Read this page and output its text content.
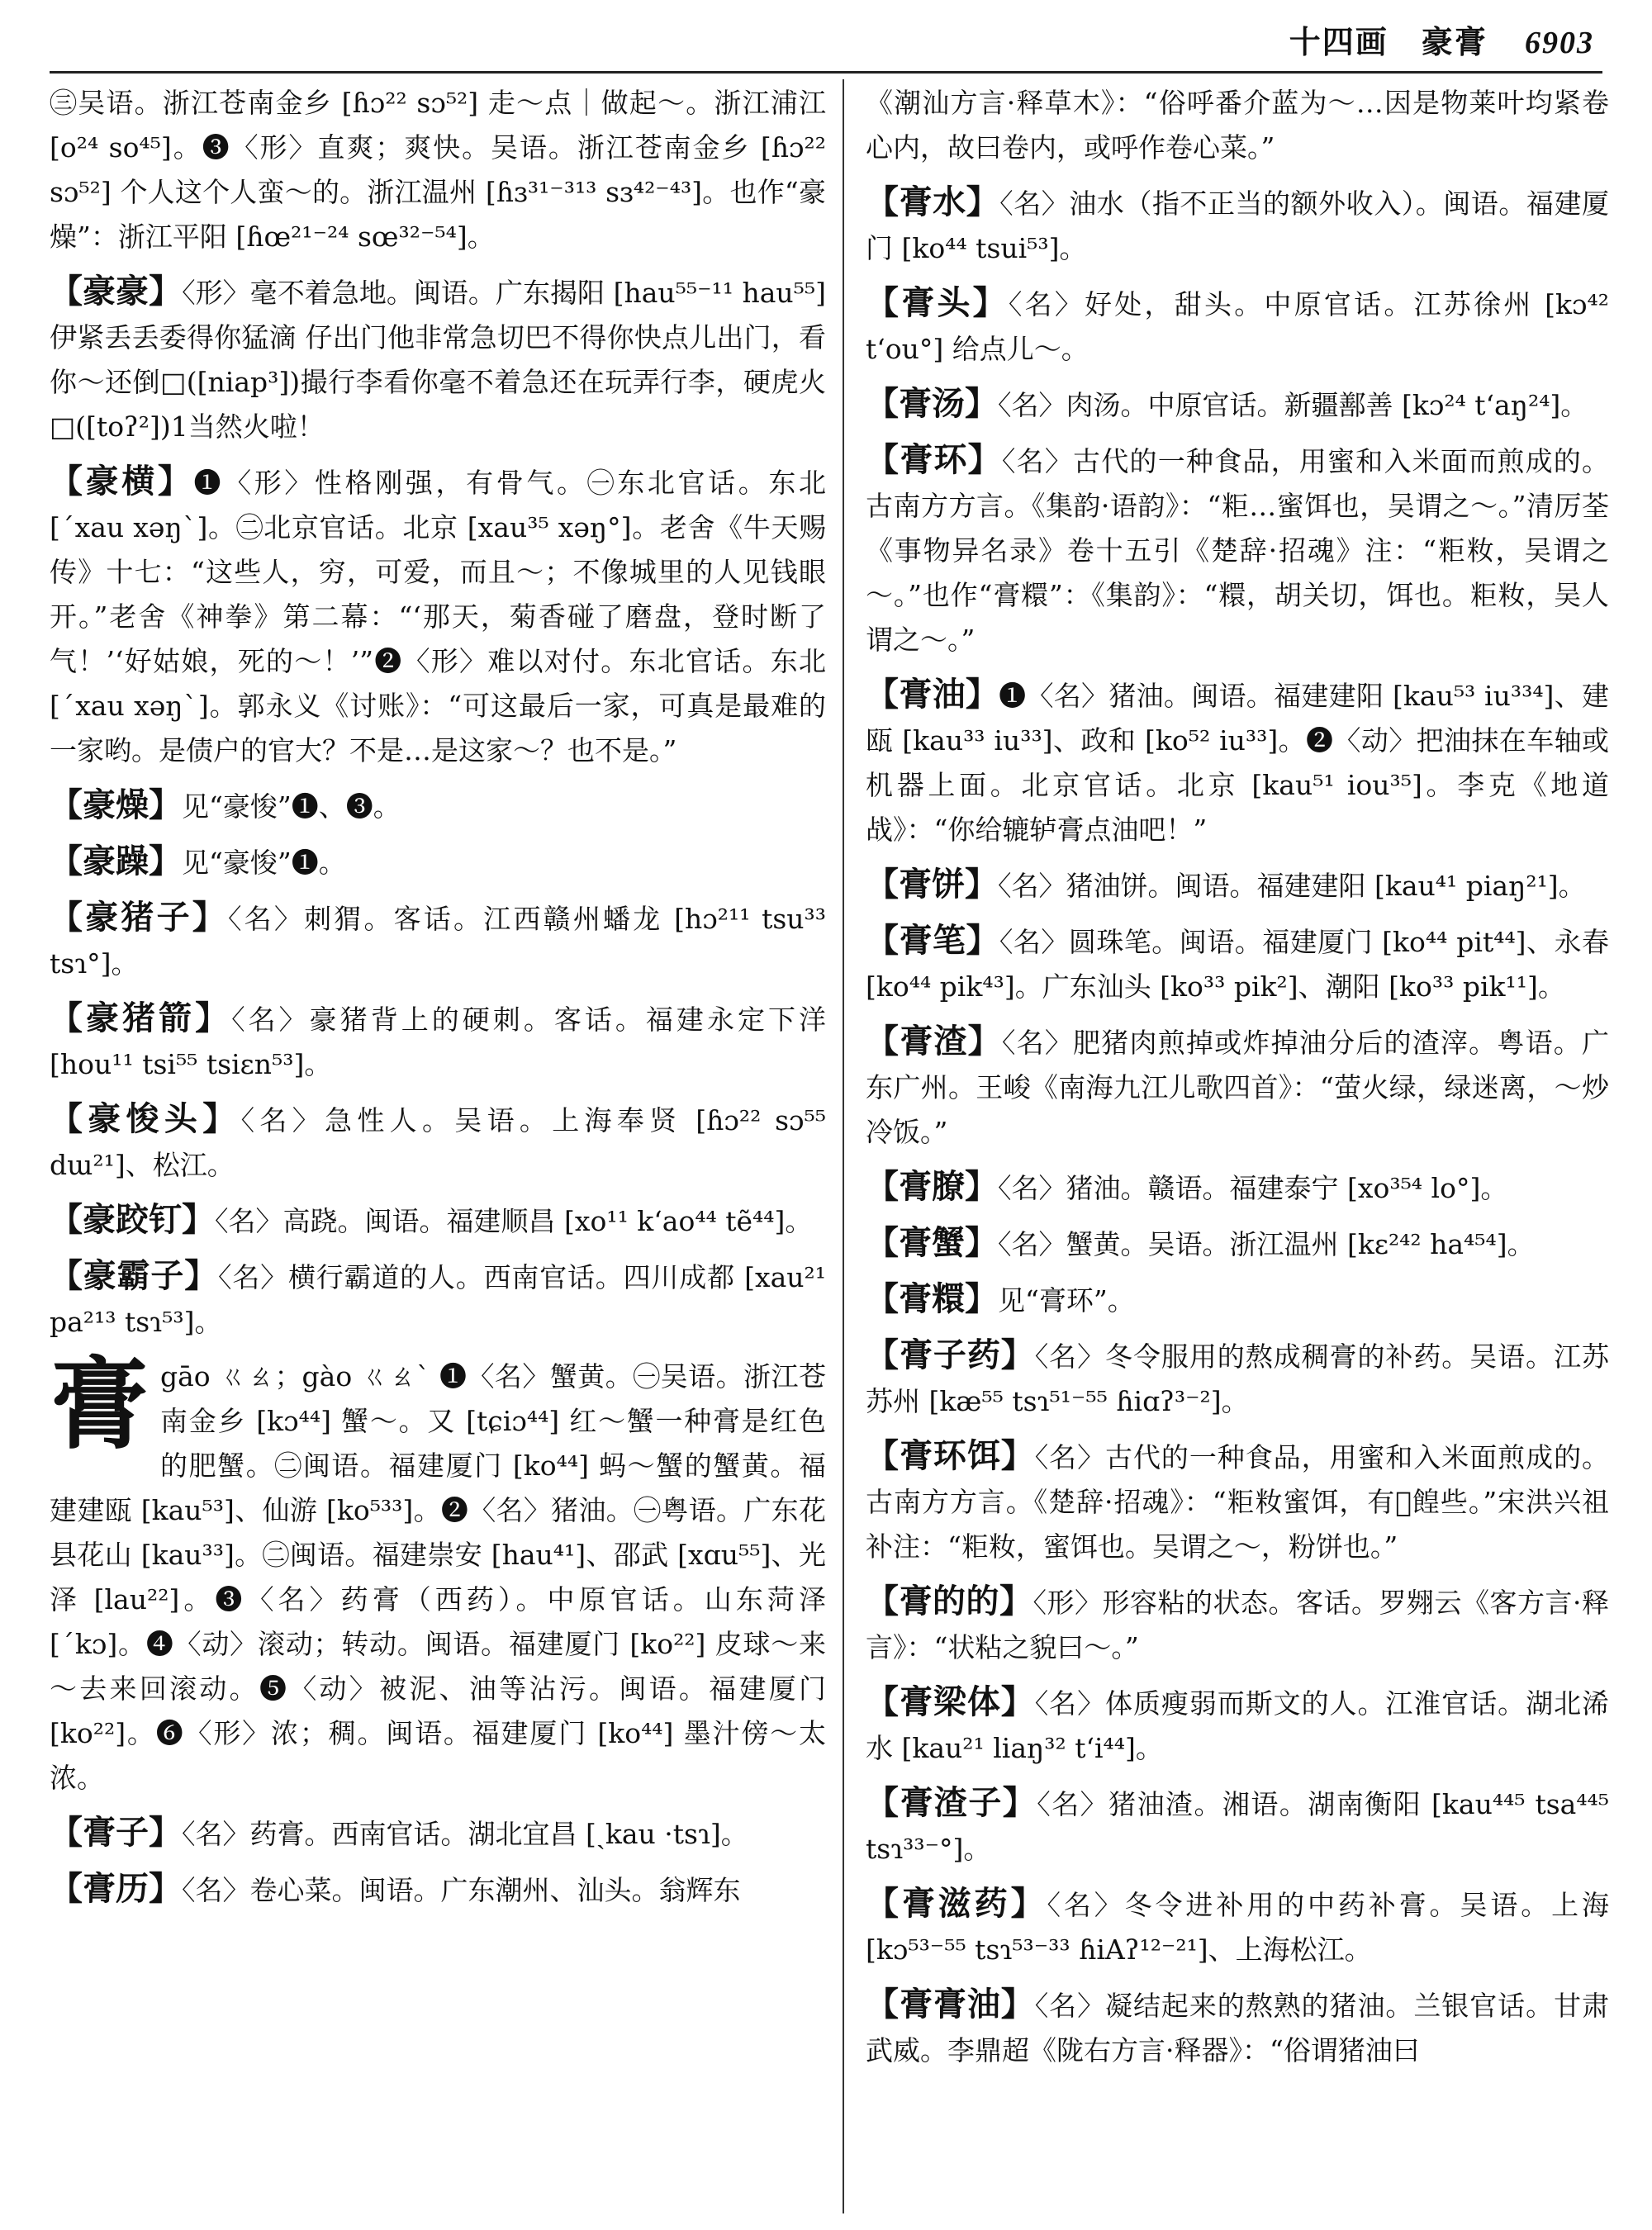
十四画　豪膏 6903

㊂吴语。浙江苍南金乡 [ɦɔ²² sɔ⁵²] 走～点｜做起～。浙江浦江 [o²⁴ so⁴⁵]。❸〈形〉直爽；爽快。吴语。浙江苍南金乡 [ɦɔ²² sɔ⁵²] 个人这个人蛮～的。浙江温州 [ɦɜ³¹⁻³¹³ sɜ⁴²⁻⁴³]。也作“豪燥”：浙江平阳 [ɦœ²¹⁻²⁴ sœ³²⁻⁵⁴]。

【豪豪】〈形〉毫不着急地。闽语。广东揭阳 [hau⁵⁵⁻¹¹ hau⁵⁵] 伊紧丢丢委得你猛滴 仔出门他非常急切巴不得你快点儿出门，看你～还倒□([niap³])撮行李看你毫不着急还在玩弄行李，硬虎火□([toʔ²])1当然火啦！

【豪横】❶〈形〉性格刚强，有骨气。㊀东北官话。东北 [ˊxau xəŋˋ]。㊁北京官话。北京 [xau³⁵ xəŋ°]。老舍《牛天赐传》十七：“这些人，穷，可爱，而且～；不像城里的人见钱眼开。”老舍《神拳》第二幕：“‘那天，菊香碰了磨盘，登时断了气！’‘好姑娘，死的～！’”❷〈形〉难以对付。东北官话。东北 [ˊxau xəŋˋ]。郭永义《讨账》：“可这最后一家，可真是最难的一家哟。是债户的官大？不是…是这家～？也不是。”

【豪燥】见“豪悛”❶、❸。

【豪躁】见“豪悛”❶。

【豪猪子】〈名〉刺猬。客话。江西赣州蟠龙 [hɔ²¹¹ tsu³³ tsɿ°]。

【豪猪箭】〈名〉豪猪背上的硬刺。客话。福建永定下洋 [hou¹¹ tsi⁵⁵ tsiɛn⁵³]。

【豪悛头】〈名〉急性人。吴语。上海奉贤 [ɦɔ²² sɔ⁵⁵ dɯ²¹]、松江。

【豪跤钉】〈名〉高跷。闽语。福建顺昌 [xo¹¹ kʻao⁴⁴ tẽ⁴⁴]。

【豪霸子】〈名〉横行霸道的人。西南官话。四川成都 [xau²¹ pa²¹³ tsɿ⁵³]。

膏 gāo ㄍㄠ；gào ㄍㄠˋ ❶〈名〉蟹黄。㊀吴语。浙江苍南金乡 [kɔ⁴⁴] 蟹～。又 [tɕiɔ⁴⁴] 红～蟹一种膏是红色的肥蟹。㊁闽语。福建厦门 [ko⁴⁴] 蚂～蟹的蟹黄。福建建瓯 [kau⁵³]、仙游 [ko⁵³³]。❷〈名〉猪油。㊀粤语。广东花县花山 [kau³³]。㊁闽语。福建崇安 [hau⁴¹]、邵武 [xɑu⁵⁵]、光泽 [lau²²]。❸〈名〉药膏（西药）。中原官话。山东菏泽 [ˊkɔ]。❹〈动〉滚动；转动。闽语。福建厦门 [ko²²] 皮球～来～去来回滚动。❺〈动〉被泥、油等沾污。闽语。福建厦门 [ko²²]。❻〈形〉浓；稠。闽语。福建厦门 [ko⁴⁴] 墨汁傍～太浓。

【膏子】〈名〉药膏。西南官话。湖北宜昌 [ˏkau ·tsɿ]。

【膏历】〈名〉卷心菜。闽语。广东潮州、汕头。翁辉东

《潮汕方言·释草木》：“俗呼番介蓝为～…因是物莱叶均紧卷心内，故曰卷内，或呼作卷心菜。”

【膏水】〈名〉油水（指不正当的额外收入）。闽语。福建厦门 [ko⁴⁴ tsui⁵³]。

【膏头】〈名〉好处，甜头。中原官话。江苏徐州 [kɔ⁴² tʻou°] 给点儿～。

【膏汤】〈名〉肉汤。中原官话。新疆鄯善 [kɔ²⁴ tʻaŋ²⁴]。

【膏环】〈名〉古代的一种食品，用蜜和入米面而煎成的。古南方方言。《集韵·语韵》：“粔…蜜饵也，吴谓之～。”清厉荃《事物异名录》卷十五引《楚辞·招魂》注：“粔籹，吴谓之～。”也作“膏糫”：《集韵》：“糫，胡关切，饵也。粔籹，吴人谓之～。”

【膏油】❶〈名〉猪油。闽语。福建建阳 [kau⁵³ iu³³⁴]、建瓯 [kau³³ iu³³]、政和 [ko⁵² iu³³]。❷〈动〉把油抹在车轴或机器上面。北京官话。北京 [kau⁵¹ iou³⁵]。李克《地道战》：“你给辘轳膏点油吧！”

【膏饼】〈名〉猪油饼。闽语。福建建阳 [kau⁴¹ piaŋ²¹]。

【膏笔】〈名〉圆珠笔。闽语。福建厦门 [ko⁴⁴ pit⁴⁴]、永春 [ko⁴⁴ pik⁴³]。广东汕头 [ko³³ pik²]、潮阳 [ko³³ pik¹¹]。

【膏渣】〈名〉肥猪肉煎掉或炸掉油分后的渣滓。粤语。广东广州。王峻《南海九江儿歌四首》：“萤火绿，绿迷离，～炒冷饭。”

【膏膫】〈名〉猪油。赣语。福建泰宁 [xo³⁵⁴ lo°]。

【膏蟹】〈名〉蟹黄。吴语。浙江温州 [kɛ²⁴² ha⁴⁵⁴]。

【膏糫】见“膏环”。

【膏子药】〈名〉冬令服用的熬成稠膏的补药。吴语。江苏苏州 [kæ⁵⁵ tsɿ⁵¹⁻⁵⁵ ɦiɑʔ³⁻²]。

【膏环饵】〈名〉古代的一种食品，用蜜和入米面煎成的。古南方方言。《楚辞·招魂》：“粔籹蜜饵，有𫗪餭些。”宋洪兴祖补注：“粔籹，蜜饵也。吴谓之～，粉饼也。”

【膏的的】〈形〉形容粘的状态。客话。罗翙云《客方言·释言》：“状粘之貌曰～。”

【膏梁体】〈名〉体质瘦弱而斯文的人。江淮官话。湖北浠水 [kau²¹ liaŋ³² tʻi⁴⁴]。

【膏渣子】〈名〉猪油渣。湘语。湖南衡阳 [kau⁴⁴⁵ tsa⁴⁴⁵ tsɿ³³⁻°]。

【膏滋药】〈名〉冬令进补用的中药补膏。吴语。上海 [kɔ⁵³⁻⁵⁵ tsɿ⁵³⁻³³ ɦiAʔ¹²⁻²¹]、上海松江。

【膏膏油】〈名〉凝结起来的熬熟的猪油。兰银官话。甘肃武威。李鼎超《陇右方言·释器》：“俗谓猪油曰
